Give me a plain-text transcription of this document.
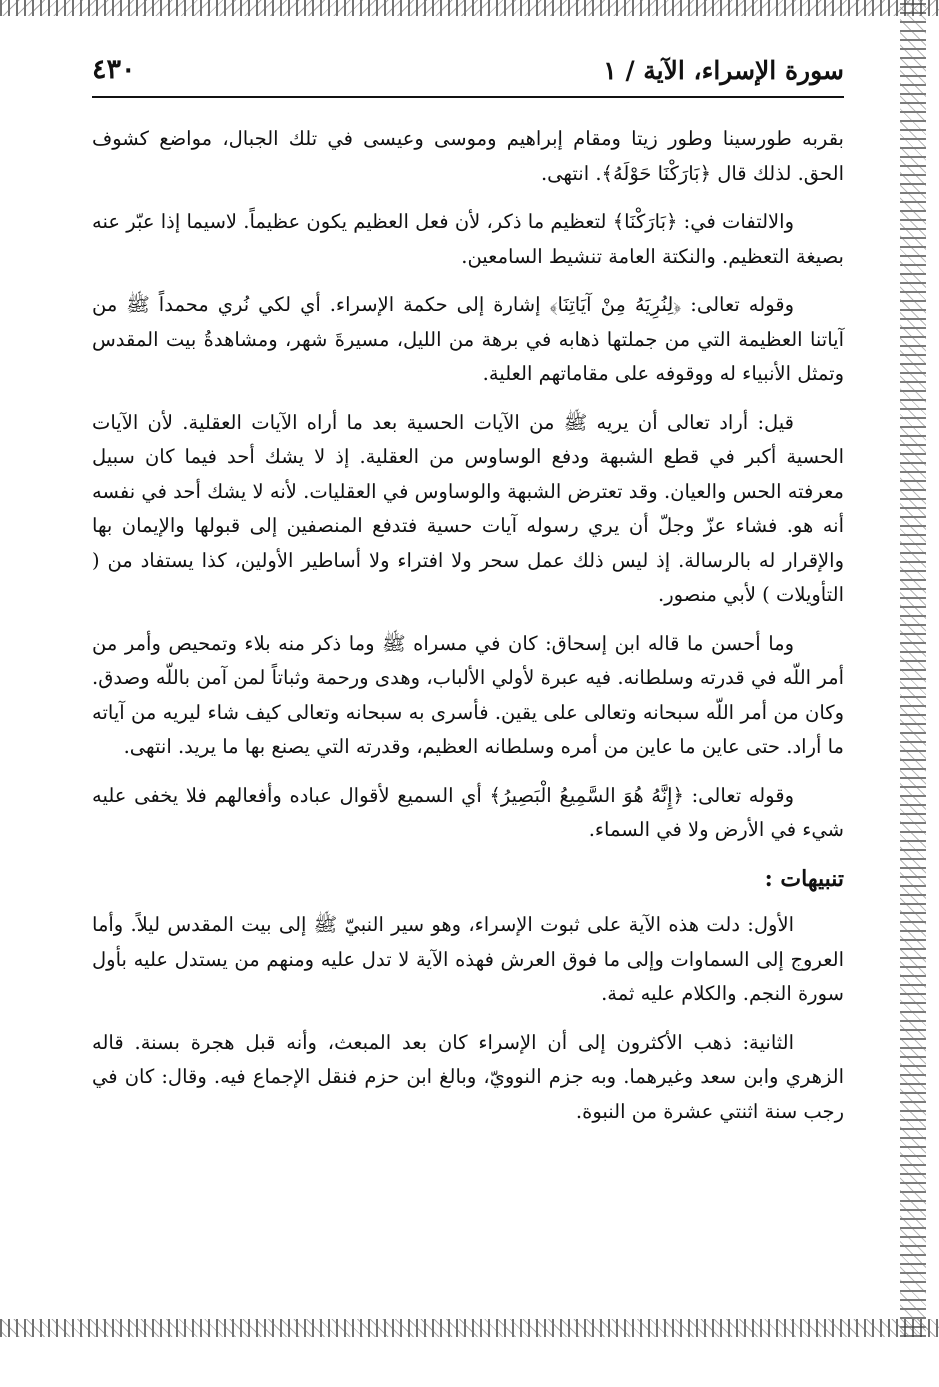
سورة الإسراء، الآية / ١
٤٣٠

بقربه طورسينا وطور زيتا ومقام إبراهيم وموسى وعيسى في تلك الجبال، مواضع كشوف الحق. لذلك قال ﴿بَارَكْنَا حَوْلَهُ﴾. انتهى.

والالتفات في: ﴿بَارَكْنَا﴾ لتعظيم ما ذكر، لأن فعل العظيم يكون عظيماً. لاسيما إذا عبّر عنه بصيغة التعظيم. والنكتة العامة تنشيط السامعين.

وقوله تعالى: ﴿لِنُرِيَهُ مِنْ آيَاتِنَا﴾ إشارة إلى حكمة الإسراء. أي لكي نُري محمداً ﷺ من آياتنا العظيمة التي من جملتها ذهابه في برهة من الليل، مسيرةَ شهر، ومشاهدةُ بيت المقدس وتمثل الأنبياء له ووقوفه على مقاماتهم العلية.

قيل: أراد تعالى أن يريه ﷺ من الآيات الحسية بعد ما أراه الآيات العقلية. لأن الآيات الحسية أكبر في قطع الشبهة ودفع الوساوس من العقلية. إذ لا يشك أحد فيما كان سبيل معرفته الحس والعيان. وقد تعترض الشبهة والوساوس في العقليات. لأنه لا يشك أحد في نفسه أنه هو. فشاء عزّ وجلّ أن يري رسوله آيات حسية فتدفع المنصفين إلى قبولها والإيمان بها والإقرار له بالرسالة. إذ ليس ذلك عمل سحر ولا افتراء ولا أساطير الأولين، كذا يستفاد من ( التأويلات ) لأبي منصور.

وما أحسن ما قاله ابن إسحاق: كان في مسراه ﷺ وما ذكر منه بلاء وتمحيص وأمر من أمر اللّه في قدرته وسلطانه. فيه عبرة لأولي الألباب، وهدى ورحمة وثباتاً لمن آمن باللّه وصدق. وكان من أمر اللّه سبحانه وتعالى على يقين. فأسرى به سبحانه وتعالى كيف شاء ليريه من آياته ما أراد. حتى عاين ما عاين من أمره وسلطانه العظيم، وقدرته التي يصنع بها ما يريد. انتهى.

وقوله تعالى: ﴿إِنَّهُ هُوَ السَّمِيعُ الْبَصِيرُ﴾ أي السميع لأقوال عباده وأفعالهم فلا يخفى عليه شيء في الأرض ولا في السماء.

تنبيهات :

الأول: دلت هذه الآية على ثبوت الإسراء، وهو سير النبيّ ﷺ إلى بيت المقدس ليلاً. وأما العروج إلى السماوات وإلى ما فوق العرش فهذه الآية لا تدل عليه ومنهم من يستدل عليه بأول سورة النجم. والكلام عليه ثمة.

الثانية: ذهب الأكثرون إلى أن الإسراء كان بعد المبعث، وأنه قبل هجرة بسنة. قاله الزهري وابن سعد وغيرهما. وبه جزم النوويّ، وبالغ ابن حزم فنقل الإجماع فيه. وقال: كان في رجب سنة اثنتي عشرة من النبوة.
